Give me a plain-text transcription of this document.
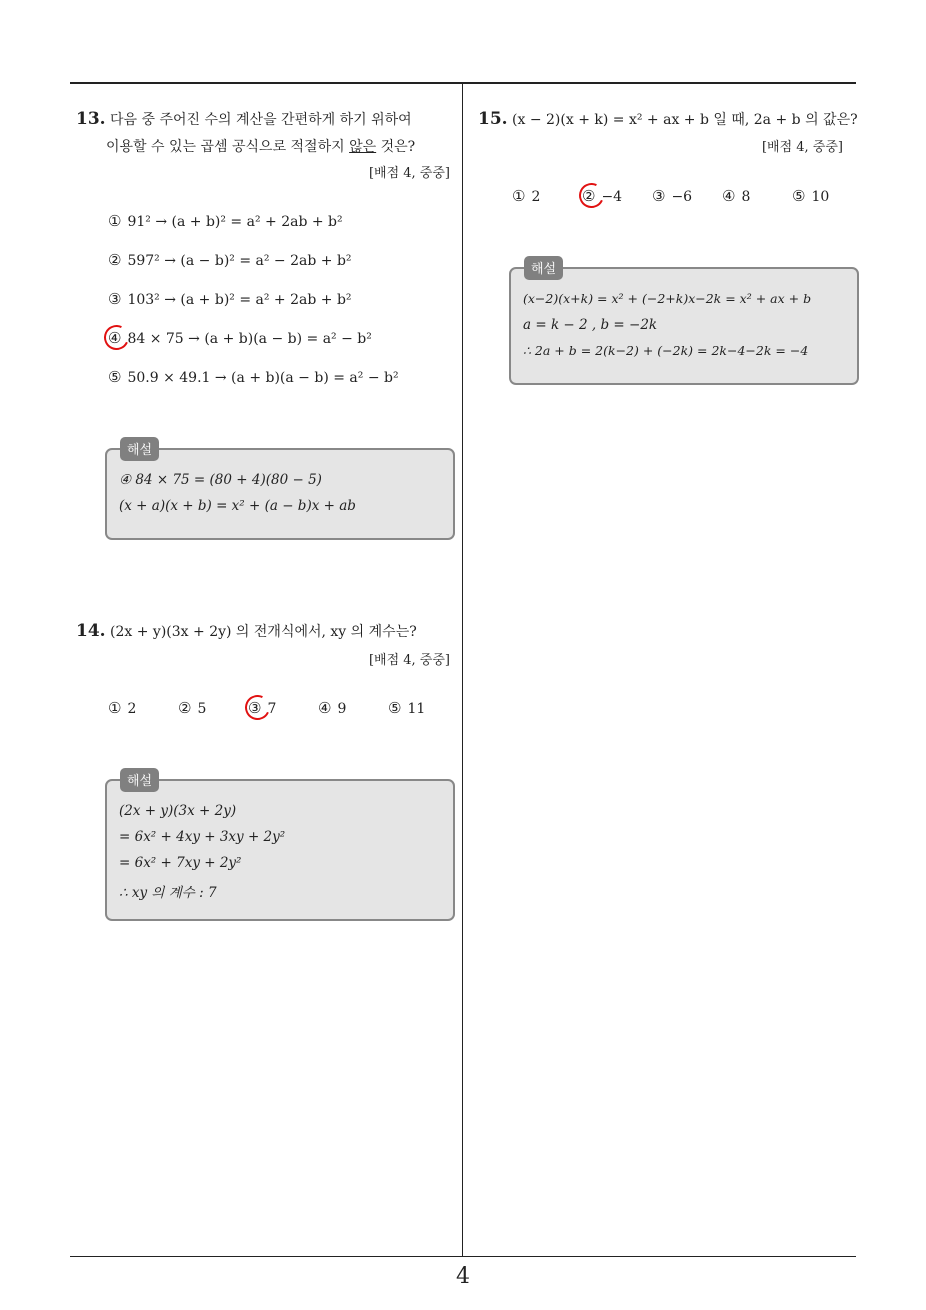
13. 다음 중 주어진 수의 계산을 간편하게 하기 위하여
이용할 수 있는 곱셈 공식으로 적절하지 않은 것은?
[배점 4, 중중]
① 91² → (a + b)² = a² + 2ab + b²
② 597² → (a − b)² = a² − 2ab + b²
③ 103² → (a + b)² = a² + 2ab + b²
④ 84 × 75 → (a + b)(a − b) = a² − b²
⑤ 50.9 × 49.1 → (a + b)(a − b) = a² − b²
④ 84 × 75 = (80 + 4)(80 − 5)
(x + a)(x + b) = x² + (a − b)x + ab
해설
14. (2x + y)(3x + 2y) 의 전개식에서, xy 의 계수는?
[배점 4, 중중]
① 2	② 5	③ 7	④ 9	⑤ 11
(2x + y)(3x + 2y)
= 6x² + 4xy + 3xy + 2y²
= 6x² + 7xy + 2y²
∴ xy 의 계수 : 7
해설
15. (x − 2)(x + k) = x² + ax + b 일 때, 2a + b 의 값은?
[배점 4, 중중]
① 2	② −4 ③ −6 ④ 8	⑤ 10
(x−2)(x+k) = x² + (−2+k)x−2k = x² + ax + b
a = k − 2 , b = −2k
∴ 2a + b = 2(k−2) + (−2k) = 2k−4−2k = −4
해설
4
